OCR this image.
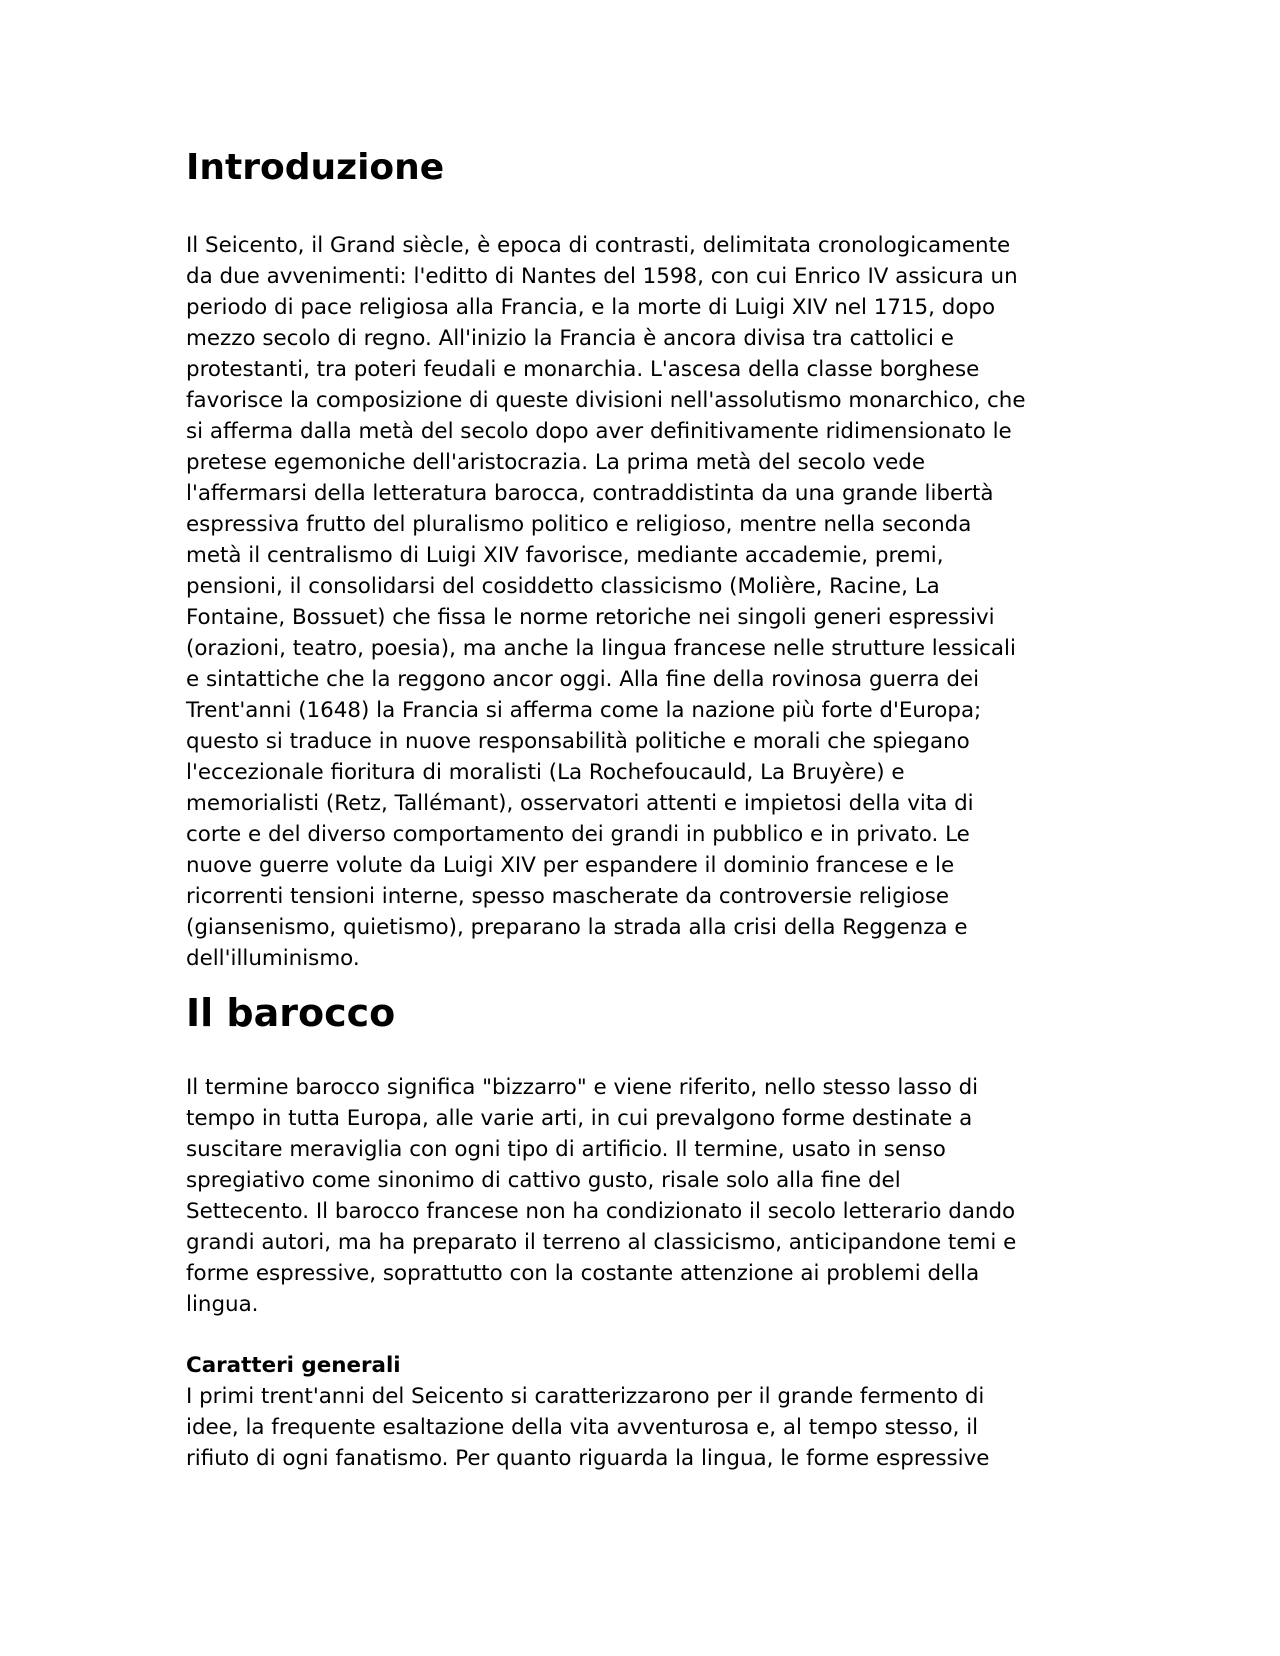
Introduzione

Il Seicento, il Grand siècle, è epoca di contrasti, delimitata cronologicamente
da due avvenimenti: l'editto di Nantes del 1598, con cui Enrico IV assicura un
periodo di pace religiosa alla Francia, e la morte di Luigi XIV nel 1715, dopo
mezzo secolo di regno. All'inizio la Francia è ancora divisa tra cattolici e
protestanti, tra poteri feudali e monarchia. L'ascesa della classe borghese
favorisce la composizione di queste divisioni nell'assolutismo monarchico, che
si afferma dalla metà del secolo dopo aver definitivamente ridimensionato le
pretese egemoniche dell'aristocrazia. La prima metà del secolo vede
l'affermarsi della letteratura barocca, contraddistinta da una grande libertà
espressiva frutto del pluralismo politico e religioso, mentre nella seconda
metà il centralismo di Luigi XIV favorisce, mediante accademie, premi,
pensioni, il consolidarsi del cosiddetto classicismo (Molière, Racine, La
Fontaine, Bossuet) che fissa le norme retoriche nei singoli generi espressivi
(orazioni, teatro, poesia), ma anche la lingua francese nelle strutture lessicali
e sintattiche che la reggono ancor oggi. Alla fine della rovinosa guerra dei
Trent'anni (1648) la Francia si afferma come la nazione più forte d'Europa;
questo si traduce in nuove responsabilità politiche e morali che spiegano
l'eccezionale fioritura di moralisti (La Rochefoucauld, La Bruyère) e
memorialisti (Retz, Tallémant), osservatori attenti e impietosi della vita di
corte e del diverso comportamento dei grandi in pubblico e in privato. Le
nuove guerre volute da Luigi XIV per espandere il dominio francese e le
ricorrenti tensioni interne, spesso mascherate da controversie religiose
(giansenismo, quietismo), preparano la strada alla crisi della Reggenza e
dell'illuminismo.

Il barocco

Il termine barocco significa "bizzarro" e viene riferito, nello stesso lasso di
tempo in tutta Europa, alle varie arti, in cui prevalgono forme destinate a
suscitare meraviglia con ogni tipo di artificio. Il termine, usato in senso
spregiativo come sinonimo di cattivo gusto, risale solo alla fine del
Settecento. Il barocco francese non ha condizionato il secolo letterario dando
grandi autori, ma ha preparato il terreno al classicismo, anticipandone temi e
forme espressive, soprattutto con la costante attenzione ai problemi della
lingua.

Caratteri generali

I primi trent'anni del Seicento si caratterizzarono per il grande fermento di
idee, la frequente esaltazione della vita avventurosa e, al tempo stesso, il
rifiuto di ogni fanatismo. Per quanto riguarda la lingua, le forme espressive
